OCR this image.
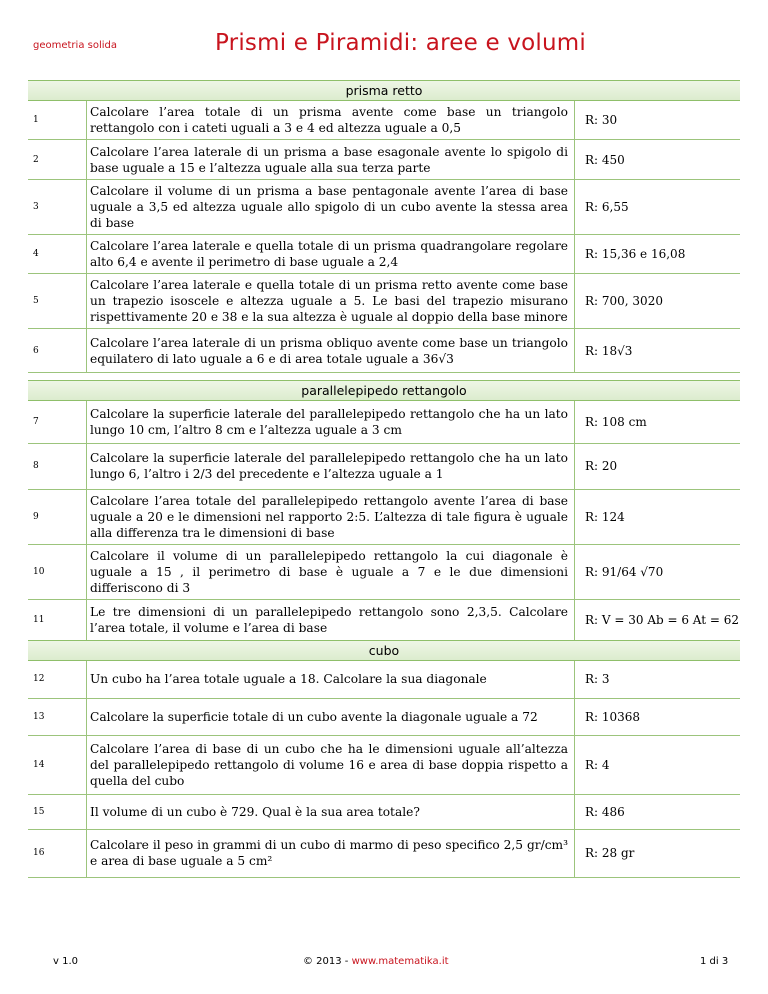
geometria solida	Prismi e Piramidi: aree e volumi
prisma retto
1	Calcolare l’area totale di un prisma avente come base un triangolo rettangolo con i cateti uguali a 3 e 4 ed altezza uguale a 0,5	R: 30
2	Calcolare l’area laterale di un prisma a base esagonale avente lo spigolo di base uguale a 15 e l’altezza uguale alla sua terza parte	R: 450
3	Calcolare il volume di un prisma a base pentagonale avente l’area di base uguale a 3,5 ed altezza uguale allo spigolo di un cubo avente la stessa area di base	R: 6,55
4	Calcolare l’area laterale e quella totale di un prisma quadrangolare regolare alto 6,4 e avente il perimetro di base uguale a 2,4	R: 15,36 e 16,08
5	Calcolare l’area laterale e quella totale di un prisma retto avente come base un trapezio isoscele e altezza uguale a 5. Le basi del trapezio misurano rispettivamente 20 e 38 e la sua altezza è uguale al doppio della base minore	R: 700, 3020
6	Calcolare l’area laterale di un prisma obliquo avente come base un triangolo equilatero di lato uguale a 6 e di area totale uguale a 36√3	R: 18√3
parallelepipedo rettangolo
7	Calcolare la superficie laterale del parallelepipedo rettangolo che ha un lato lungo 10 cm, l’altro 8 cm e l’altezza uguale a 3 cm	R: 108 cm
8	Calcolare la superficie laterale del parallelepipedo rettangolo che ha un lato lungo 6, l’altro i 2/3 del precedente e l’altezza uguale a 1	R: 20
9	Calcolare l’area totale del parallelepipedo rettangolo avente l’area di base uguale a 20 e le dimensioni nel rapporto 2:5. L’altezza di tale figura è uguale alla differenza tra le dimensioni di base	R: 124
10	Calcolare il volume di un parallelepipedo rettangolo la cui diagonale è uguale a 15 , il perimetro di base è uguale a 7 e le due dimensioni differiscono di 3	R: 91/64 √70
11	Le tre dimensioni di un parallelepipedo rettangolo sono 2,3,5. Calcolare l’area totale, il volume e l’area di base	R: V = 30 Ab = 6 At = 62
cubo
12	Un cubo ha l’area totale uguale a 18. Calcolare la sua diagonale	R: 3
13	Calcolare la superficie totale di un cubo avente la diagonale uguale a 72	R: 10368
14	Calcolare l’area di base di un cubo che ha le dimensioni uguale all’altezza del parallelepipedo rettangolo di volume 16 e area di base doppia rispetto a quella del cubo	R: 4
15	Il volume di un cubo è 729. Qual è la sua area totale?	R: 486
16	Calcolare il peso in grammi di un cubo di marmo di peso specifico 2,5 gr/cm³ e area di base uguale a 5 cm²	R: 28 gr
v 1.0	© 2013 - www.matematika.it	1 di 3
